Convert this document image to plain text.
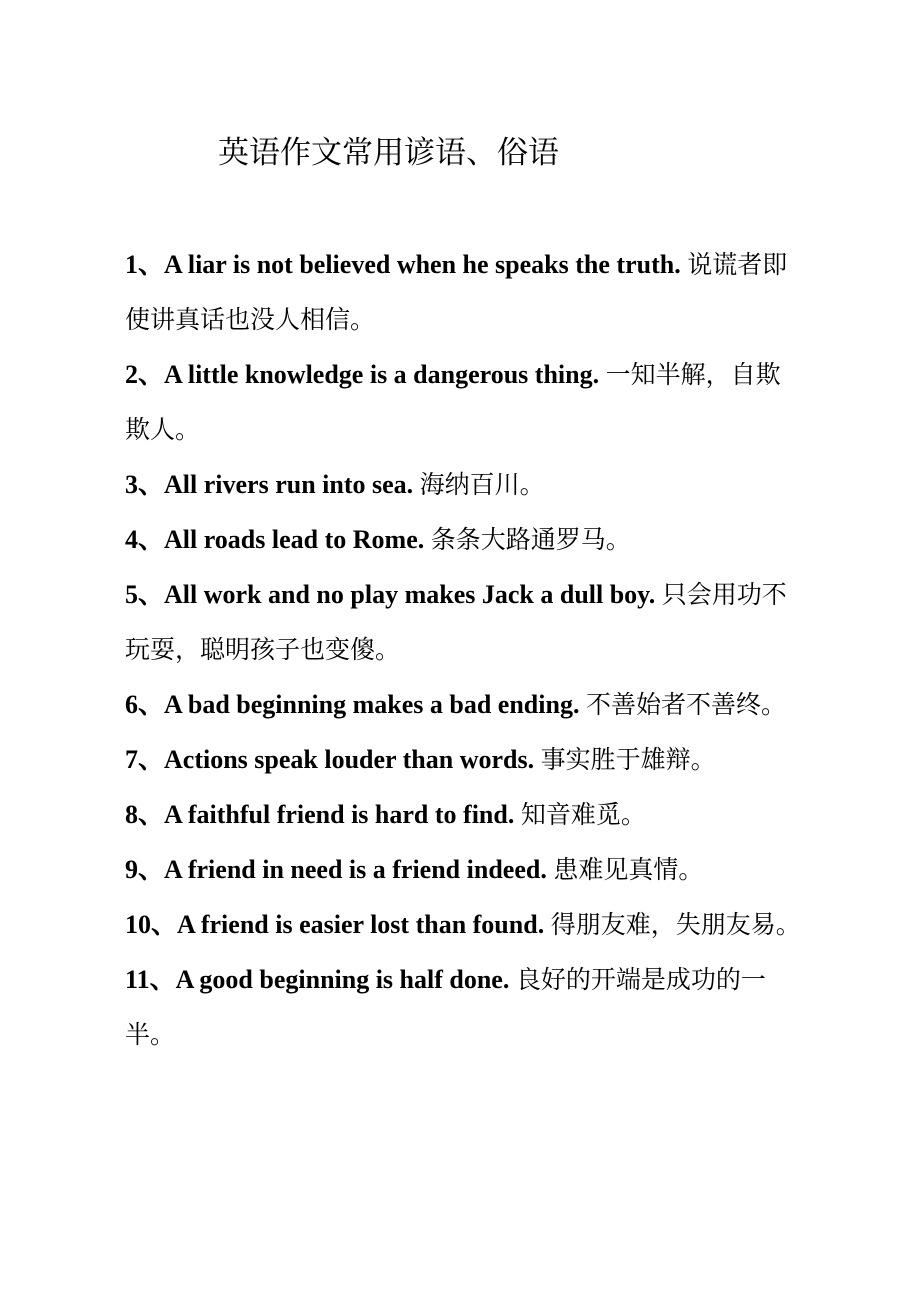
英语作文常用谚语、俗语

1、A liar is not believed when he speaks the truth. 说谎者即使讲真话也没人相信。

2、A little knowledge is a dangerous thing. 一知半解，自欺欺人。

3、All rivers run into sea. 海纳百川。

4、All roads lead to Rome. 条条大路通罗马。

5、All work and no play makes Jack a dull boy. 只会用功不玩耍，聪明孩子也变傻。

6、A bad beginning makes a bad ending. 不善始者不善终。

7、Actions speak louder than words. 事实胜于雄辩。

8、A faithful friend is hard to find. 知音难觅。

9、A friend in need is a friend indeed. 患难见真情。

10、A friend is easier lost than found. 得朋友难，失朋友易。

11、A good beginning is half done. 良好的开端是成功的一半。
